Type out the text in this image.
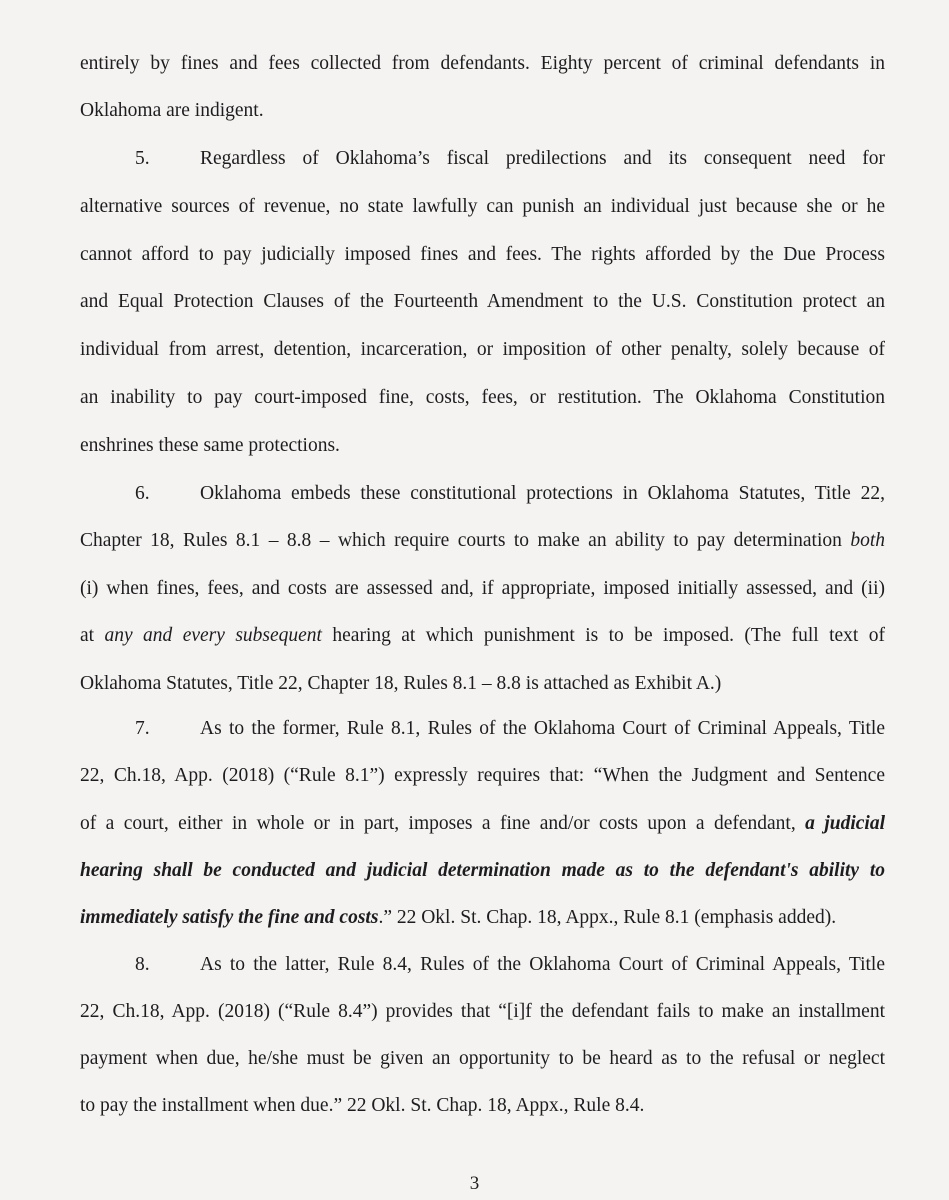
entirely by fines and fees collected from defendants. Eighty percent of criminal defendants in
Oklahoma are indigent.
5.	Regardless of Oklahoma’s fiscal predilections and its consequent need for
alternative sources of revenue, no state lawfully can punish an individual just because she or he
cannot afford to pay judicially imposed fines and fees. The rights afforded by the Due Process
and Equal Protection Clauses of the Fourteenth Amendment to the U.S. Constitution protect an
individual from arrest, detention, incarceration, or imposition of other penalty, solely because of
an inability to pay court-imposed fine, costs, fees, or restitution. The Oklahoma Constitution
enshrines these same protections.
6.	Oklahoma embeds these constitutional protections in Oklahoma Statutes, Title 22,
Chapter 18, Rules 8.1 – 8.8 – which require courts to make an ability to pay determination both
(i) when fines, fees, and costs are assessed and, if appropriate, imposed initially assessed, and (ii)
at any and every subsequent hearing at which punishment is to be imposed. (The full text of
Oklahoma Statutes, Title 22, Chapter 18, Rules 8.1 – 8.8 is attached as Exhibit A.)
7.	As to the former, Rule 8.1, Rules of the Oklahoma Court of Criminal Appeals, Title
22, Ch.18, App. (2018) (“Rule 8.1”) expressly requires that: “When the Judgment and Sentence
of a court, either in whole or in part, imposes a fine and/or costs upon a defendant, a judicial
hearing shall be conducted and judicial determination made as to the defendant's ability to
immediately satisfy the fine and costs.” 22 Okl. St. Chap. 18, Appx., Rule 8.1 (emphasis added).
8.	As to the latter, Rule 8.4, Rules of the Oklahoma Court of Criminal Appeals, Title
22, Ch.18, App. (2018) (“Rule 8.4”) provides that “[i]f the defendant fails to make an installment
payment when due, he/she must be given an opportunity to be heard as to the refusal or neglect
to pay the installment when due.” 22 Okl. St. Chap. 18, Appx., Rule 8.4.
3
